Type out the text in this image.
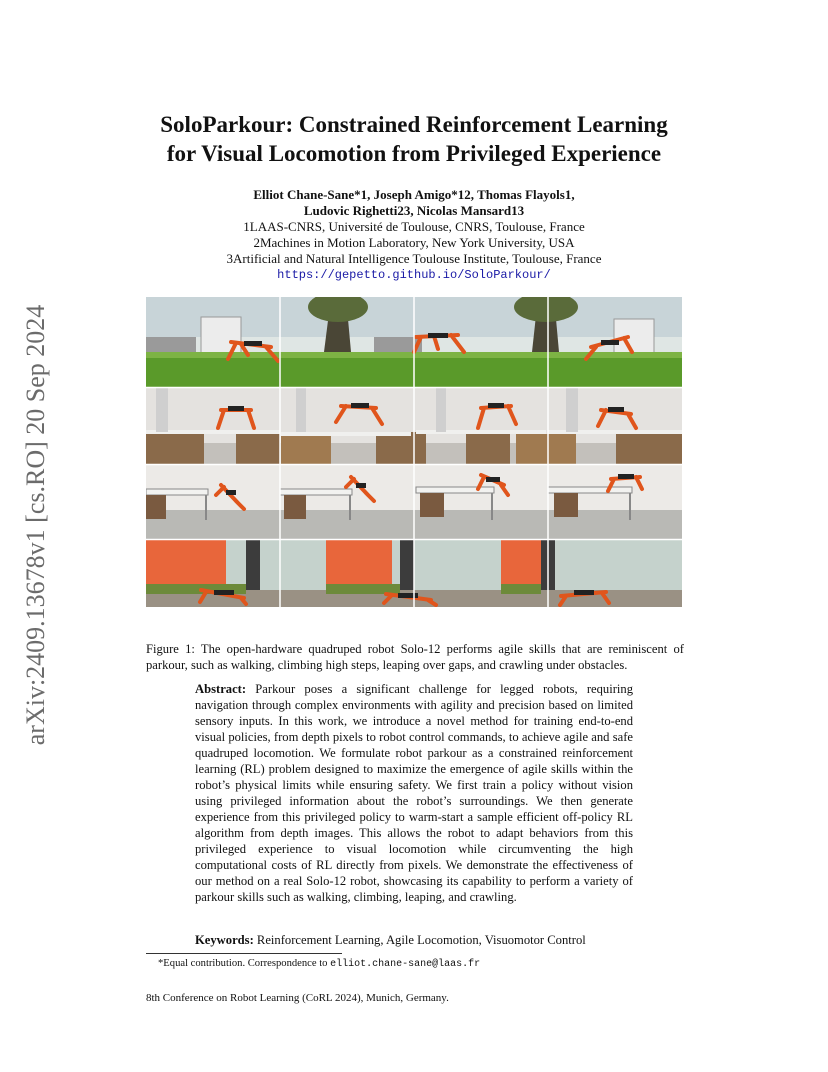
arXiv:2409.13678v1 [cs.RO] 20 Sep 2024
SoloParkour: Constrained Reinforcement Learning
for Visual Locomotion from Privileged Experience
Elliot Chane-Sane*1, Joseph Amigo*12, Thomas Flayols1,
Ludovic Righetti23, Nicolas Mansard13
1LAAS-CNRS, Université de Toulouse, CNRS, Toulouse, France
2Machines in Motion Laboratory, New York University, USA
3Artificial and Natural Intelligence Toulouse Institute, Toulouse, France
https://gepetto.github.io/SoloParkour/
Figure 1: The open-hardware quadruped robot Solo-12 performs agile skills that are reminiscent of parkour, such as walking, climbing high steps, leaping over gaps, and crawling under obstacles.
Abstract: Parkour poses a significant challenge for legged robots, requiring navigation through complex environments with agility and precision based on limited sensory inputs. In this work, we introduce a novel method for training end-to-end visual policies, from depth pixels to robot control commands, to achieve agile and safe quadruped locomotion. We formulate robot parkour as a constrained reinforcement learning (RL) problem designed to maximize the emergence of agile skills within the robot’s physical limits while ensuring safety. We first train a policy without vision using privileged information about the robot’s surroundings. We then generate experience from this privileged policy to warm-start a sample efficient off-policy RL algorithm from depth images. This allows the robot to adapt behaviors from this privileged experience to visual locomotion while circumventing the high computational costs of RL directly from pixels. We demonstrate the effectiveness of our method on a real Solo-12 robot, showcasing its capability to perform a variety of parkour skills such as walking, climbing, leaping, and crawling.
Keywords: Reinforcement Learning, Agile Locomotion, Visuomotor Control
*Equal contribution. Correspondence to elliot.chane-sane@laas.fr
8th Conference on Robot Learning (CoRL 2024), Munich, Germany.
